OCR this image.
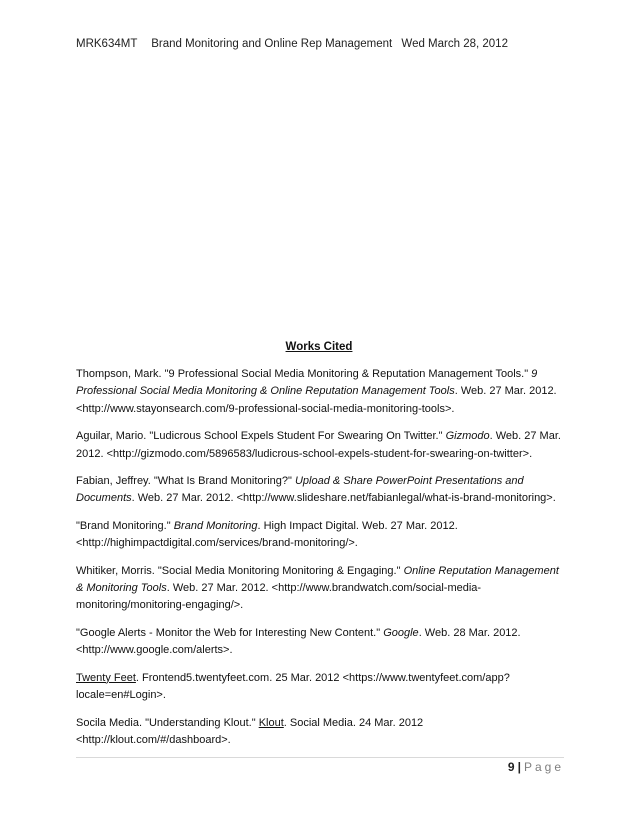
MRK634MT Brand Monitoring and Online Rep Management Wed March 28, 2012
Works Cited

Thompson, Mark. "9 Professional Social Media Monitoring & Reputation Management Tools." 9 Professional Social Media Monitoring & Online Reputation Management Tools. Web. 27 Mar. 2012. <http://www.stayonsearch.com/9-professional-social-media-monitoring-tools>.

Aguilar, Mario. "Ludicrous School Expels Student For Swearing On Twitter." Gizmodo. Web. 27 Mar. 2012. <http://gizmodo.com/5896583/ludicrous-school-expels-student-for-swearing-on-twitter>.

Fabian, Jeffrey. "What Is Brand Monitoring?" Upload & Share PowerPoint Presentations and Documents. Web. 27 Mar. 2012. <http://www.slideshare.net/fabianlegal/what-is-brand-monitoring>.

"Brand Monitoring." Brand Monitoring. High Impact Digital. Web. 27 Mar. 2012. <http://highimpactdigital.com/services/brand-monitoring/>.

Whitiker, Morris. "Social Media Monitoring Monitoring & Engaging." Online Reputation Management & Monitoring Tools. Web. 27 Mar. 2012. <http://www.brandwatch.com/social-media-monitoring/monitoring-engaging/>.

"Google Alerts - Monitor the Web for Interesting New Content." Google. Web. 28 Mar. 2012. <http://www.google.com/alerts>.

Twenty Feet. Frontend5.twentyfeet.com. 25 Mar. 2012 <https://www.twentyfeet.com/app?locale=en#Login>.

Socila Media. "Understanding Klout." Klout. Social Media. 24 Mar. 2012 <http://klout.com/#/dashboard>.

9 | Page
